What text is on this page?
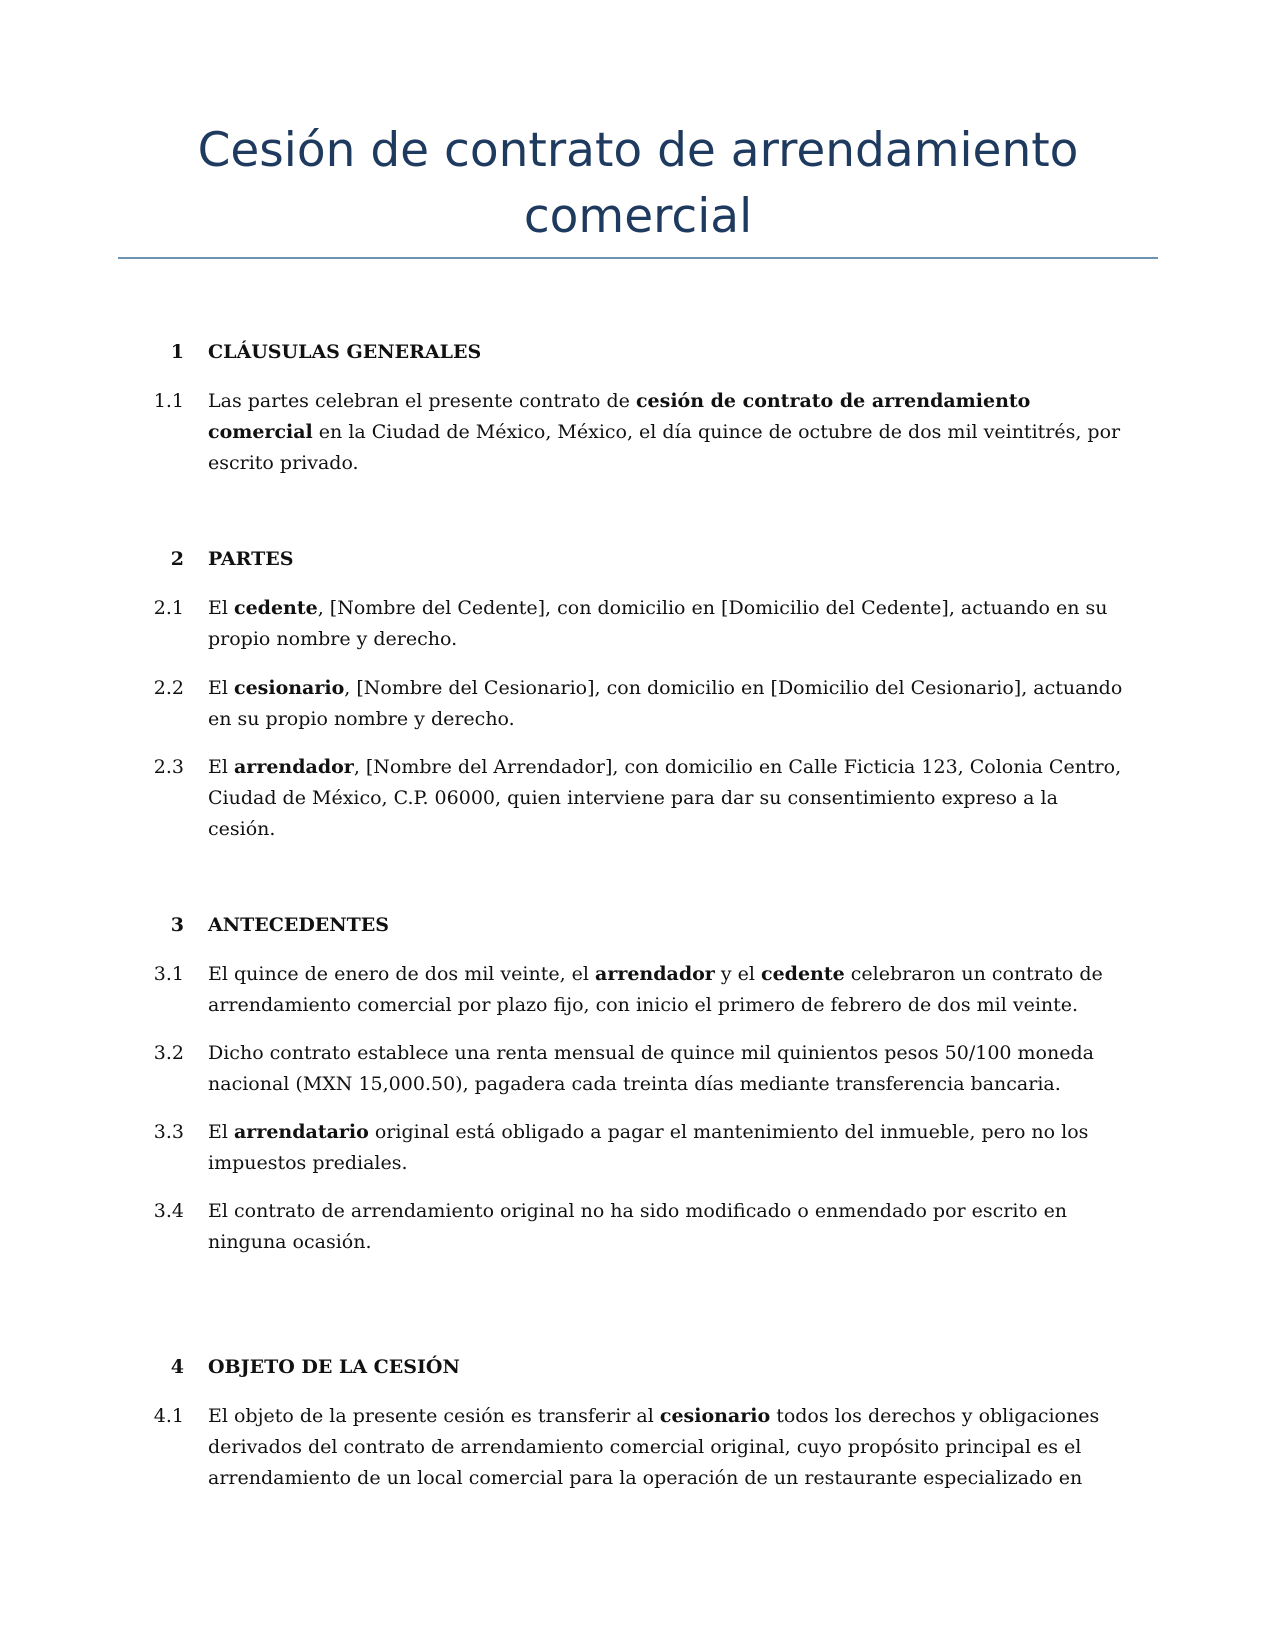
Cesión de contrato de arrendamiento
comercial
1 CLÁUSULAS GENERALES
1.1 Las partes celebran el presente contrato de cesión de contrato de arrendamiento
comercial en la Ciudad de México, México, el día quince de octubre de dos mil veintitrés, por
escrito privado.
2 PARTES
2.1 El cedente, [Nombre del Cedente], con domicilio en [Domicilio del Cedente], actuando en su
propio nombre y derecho.
2.2 El cesionario, [Nombre del Cesionario], con domicilio en [Domicilio del Cesionario], actuando
en su propio nombre y derecho.
2.3 El arrendador, [Nombre del Arrendador], con domicilio en Calle Ficticia 123, Colonia Centro,
Ciudad de México, C.P. 06000, quien interviene para dar su consentimiento expreso a la
cesión.
3 ANTECEDENTES
3.1 El quince de enero de dos mil veinte, el arrendador y el cedente celebraron un contrato de
arrendamiento comercial por plazo fijo, con inicio el primero de febrero de dos mil veinte.
3.2 Dicho contrato establece una renta mensual de quince mil quinientos pesos 50/100 moneda
nacional (MXN 15,000.50), pagadera cada treinta días mediante transferencia bancaria.
3.3 El arrendatario original está obligado a pagar el mantenimiento del inmueble, pero no los
impuestos prediales.
3.4 El contrato de arrendamiento original no ha sido modificado o enmendado por escrito en
ninguna ocasión.
4 OBJETO DE LA CESIÓN
4.1 El objeto de la presente cesión es transferir al cesionario todos los derechos y obligaciones
derivados del contrato de arrendamiento comercial original, cuyo propósito principal es el
arrendamiento de un local comercial para la operación de un restaurante especializado en
